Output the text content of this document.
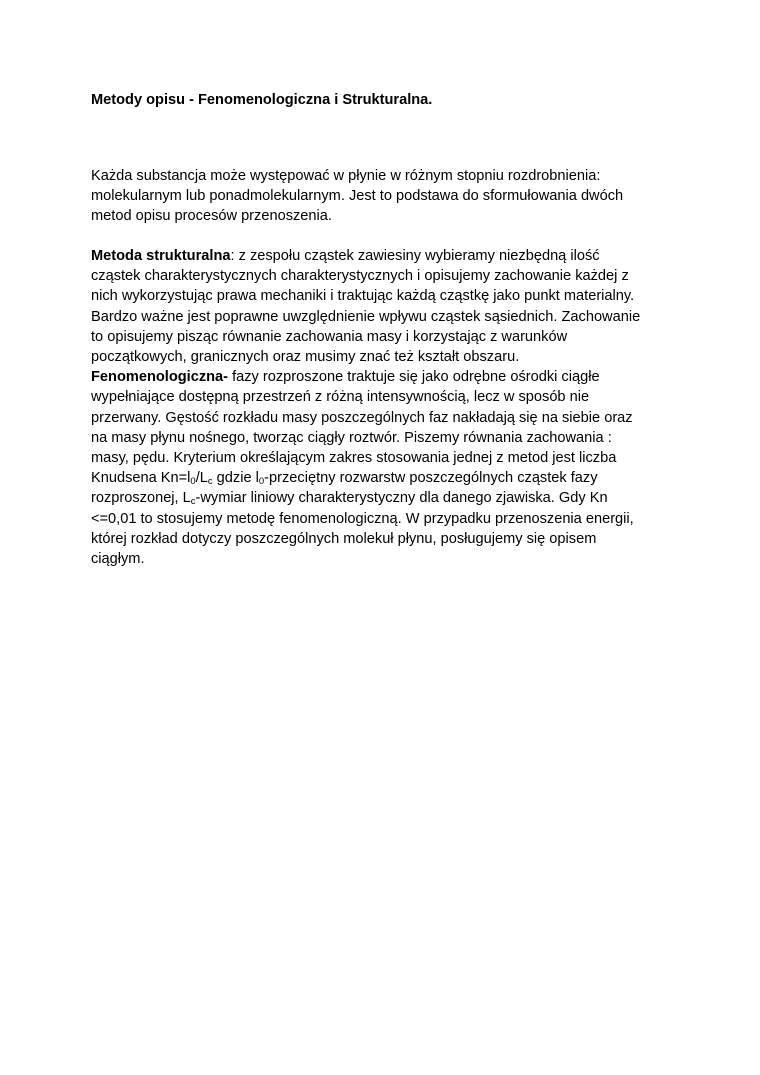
Metody opisu - Fenomenologiczna i Strukturalna.

Każda substancja może występować w płynie w różnym stopniu rozdrobnienia:
molekularnym lub ponadmolekularnym. Jest to podstawa do sformułowania dwóch
metod opisu procesów przenoszenia.

Metoda strukturalna: z zespołu cząstek zawiesiny wybieramy niezbędną ilość
cząstek charakterystycznych charakterystycznych i opisujemy zachowanie każdej z
nich wykorzystując prawa mechaniki i traktując każdą cząstkę jako punkt materialny.
Bardzo ważne jest poprawne uwzględnienie wpływu cząstek sąsiednich. Zachowanie
to opisujemy pisząc równanie zachowania masy i korzystając z warunków
początkowych, granicznych oraz musimy znać też kształt obszaru.
Fenomenologiczna- fazy rozproszone traktuje się jako odrębne ośrodki ciągłe
wypełniające dostępną przestrzeń z różną intensywnością, lecz w sposób nie
przerwany. Gęstość rozkładu masy poszczególnych faz nakładają się na siebie oraz
na masy płynu nośnego, tworząc ciągły roztwór. Piszemy równania zachowania :
masy, pędu. Kryterium określającym zakres stosowania jednej z metod jest liczba
Knudsena $Kn=l_0/L_c$ gdzie $l_0$-przeciętny rozwarstw poszczególnych cząstek fazy
rozproszonej, $L_c$-wymiar liniowy charakterystyczny dla danego zjawiska. Gdy Kn
<=0,01 to stosujemy metodę fenomenologiczną. W przypadku przenoszenia energii,
której rozkład dotyczy poszczególnych molekuł płynu, posługujemy się opisem
ciągłym.
